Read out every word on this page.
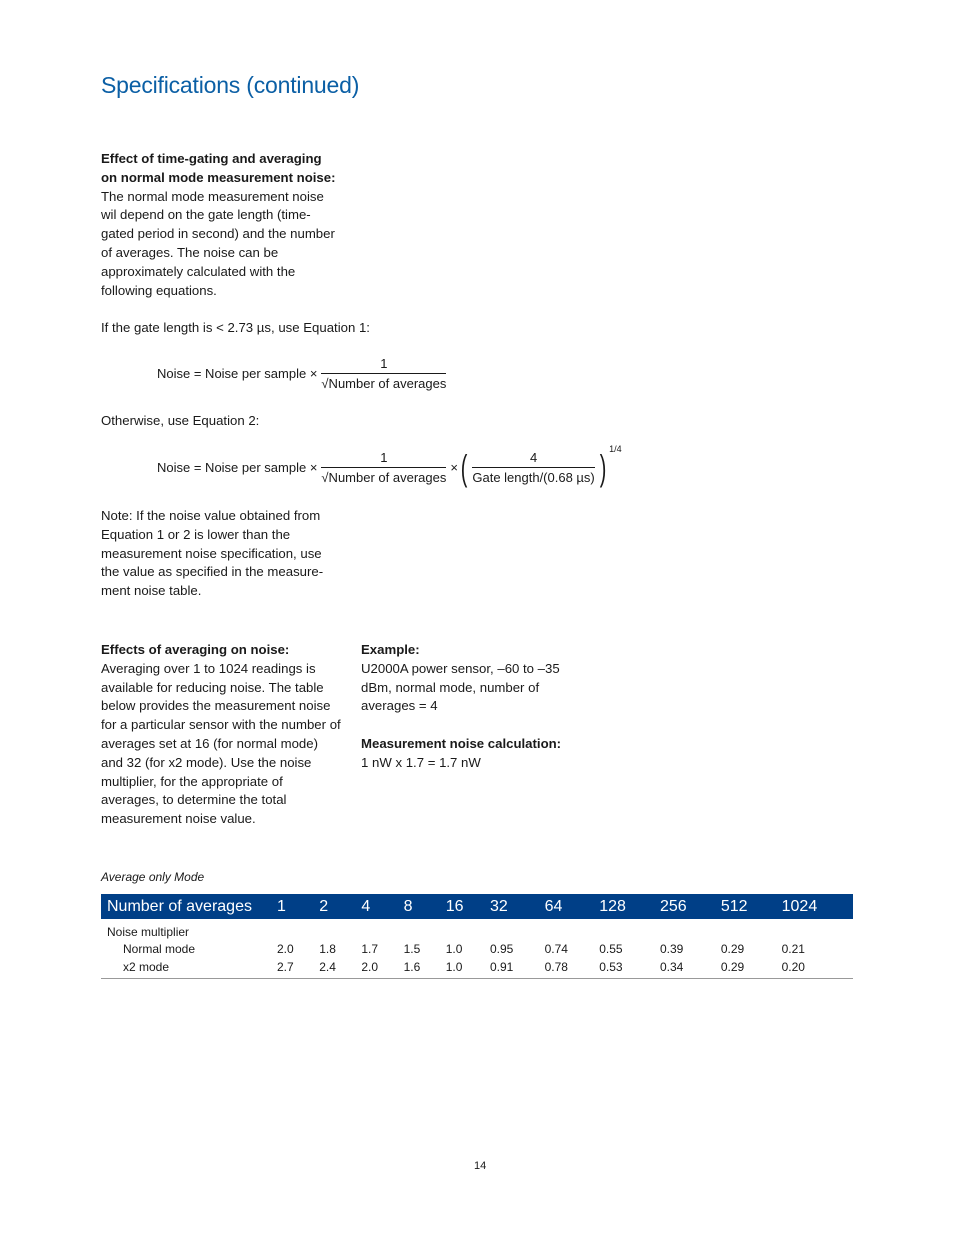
Specifications (continued)

Effect of time-gating and averaging on normal mode measurement noise:

The normal mode measurement noise wil depend on the gate length (time-gated period in second) and the number of averages. The noise can be approximately calculated with the following equations.

If the gate length is < 2.73 µs, use Equation 1:

Noise = Noise per sample × $\frac{1}{\text{√Number of averages}}$

Otherwise, use Equation 2:

Noise = Noise per sample × $\frac{1}{\text{√Number of averages}}$ × ( $\frac{4}{\text{Gate length/(0.68 µs)}}$ ) 1/4

Note: If the noise value obtained from Equation 1 or 2 is lower than the measurement noise specification, use the value as specified in the measure-ment noise table.

Effects of averaging on noise:

Averaging over 1 to 1024 readings is available for reducing noise. The table below provides the measurement noise for a particular sensor with the number of averages set at 16 (for normal mode) and 32 (for x2 mode). Use the noise multiplier, for the appropriate of averages, to determine the total measurement noise value.

Example:

U2000A power sensor, –60 to –35 dBm, normal mode, number of averages = 4

Measurement noise calculation:

1 nW x 1.7 = 1.7 nW

Average only Mode
Number of averages	1	2	4	8	16	32	64	128	256	512	1024
Noise multiplier											
Normal mode	2.0	1.8	1.7	1.5	1.0	0.95	0.74	0.55	0.39	0.29	0.21
x2 mode	2.7	2.4	2.0	1.6	1.0	0.91	0.78	0.53	0.34	0.29	0.20
14
